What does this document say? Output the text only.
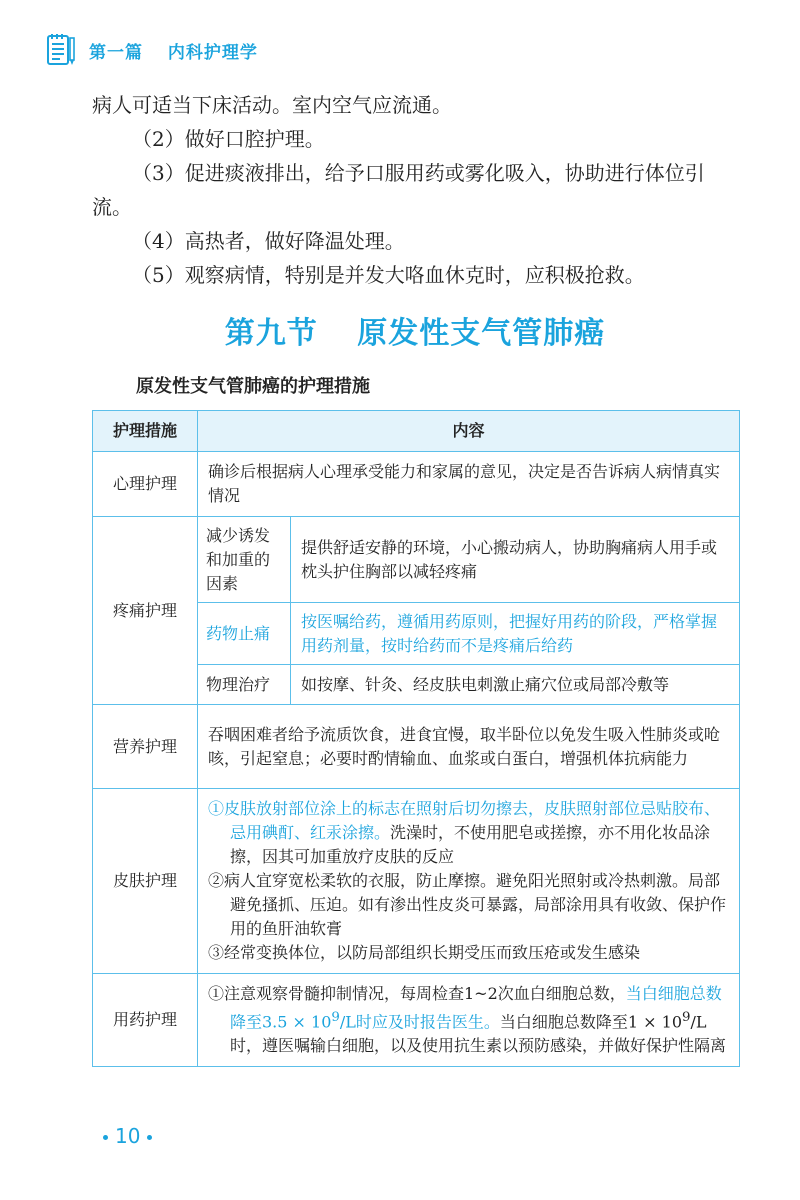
第一篇 内科护理学

病人可适当下床活动。室内空气应流通。

（2）做好口腔护理。

（3）促进痰液排出，给予口服用药或雾化吸入，协助进行体位引流。

（4）高热者，做好降温处理。

（5）观察病情，特别是并发大咯血休克时，应积极抢救。

第九节 原发性支气管肺癌
原发性支气管肺癌的护理措施
护理措施	内容	
心理护理	确诊后根据病人心理承受能力和家属的意见，决定是否告诉病人病情真实情况	
疼痛护理	减少诱发和加重的因素	提供舒适安静的环境，小心搬动病人，协助胸痛病人用手或枕头护住胸部以减轻疼痛
	药物止痛	按医嘱给药，遵循用药原则，把握好用药的阶段，严格掌握用药剂量，按时给药而不是疼痛后给药
	物理治疗	如按摩、针灸、经皮肤电刺激止痛穴位或局部冷敷等
营养护理	吞咽困难者给予流质饮食，进食宜慢，取半卧位以免发生吸入性肺炎或呛咳，引起窒息；必要时酌情输血、血浆或白蛋白，增强机体抗病能力	
皮肤护理	①皮肤放射部位涂上的标志在照射后切勿擦去，皮肤照射部位忌贴胶布、忌用碘酊、红汞涂擦。洗澡时，不使用肥皂或搓擦，亦不用化妆品涂擦，因其可加重放疗皮肤的反应
②病人宜穿宽松柔软的衣服，防止摩擦。避免阳光照射或冷热刺激。局部避免搔抓、压迫。如有渗出性皮炎可暴露，局部涂用具有收敛、保护作用的鱼肝油软膏
③经常变换体位，以防局部组织长期受压而致压疮或发生感染	

用药护理	①注意观察骨髓抑制情况，每周检查1~2次血白细胞总数，当白细胞总数降至$3.5 \times 10^9/L$时应及时报告医生。当白细胞总数降至$1 \times 10^9/L$时，遵医嘱输白细胞，以及使用抗生素以预防感染，并做好保护性隔离	
10
